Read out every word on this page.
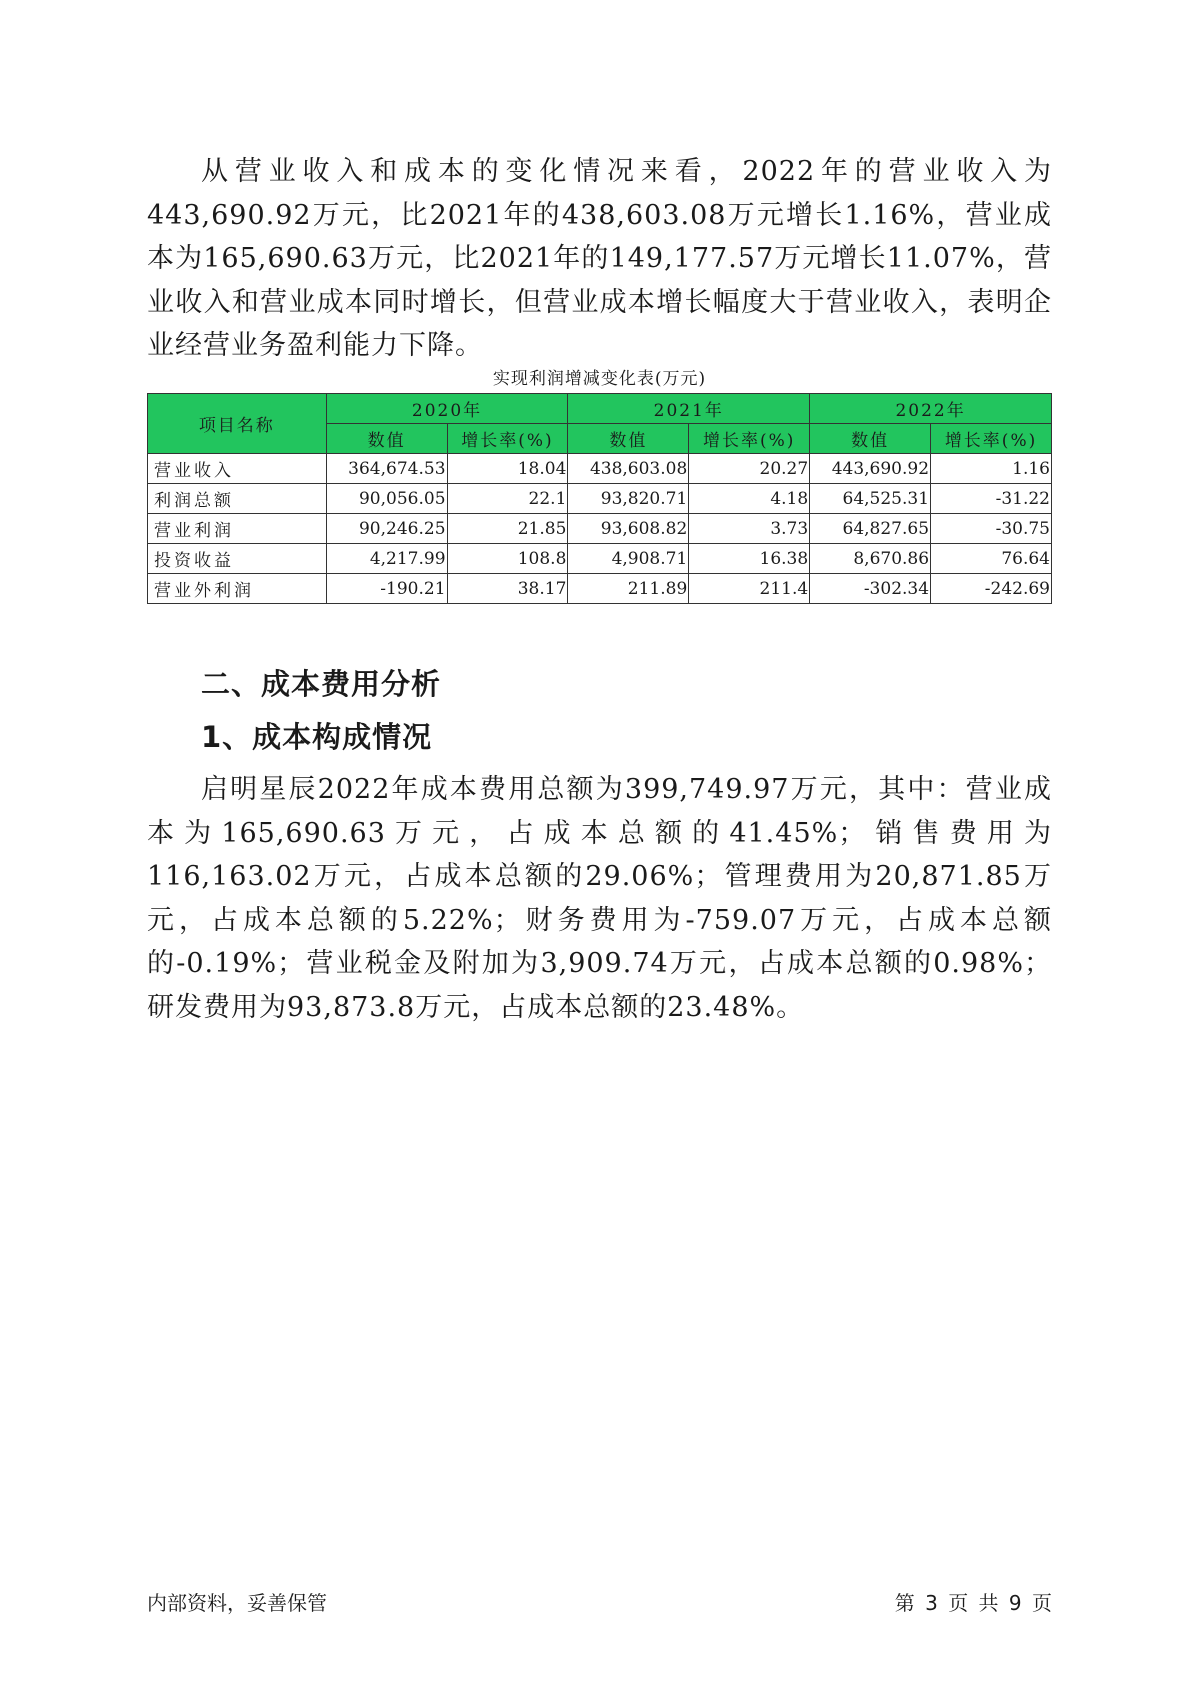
从营业收入和成本的变化情况来看，2022年的营业收入为443,690.92万元，比2021年的438,603.08万元增长1.16%，营业成本为165,690.63万元，比2021年的149,177.57万元增长11.07%，营业收入和营业成本同时增长，但营业成本增长幅度大于营业收入，表明企业经营业务盈利能力下降。

实现利润增减变化表(万元)
项目名称	2020年		2021年		2022年	
	数值	增长率(%)	数值	增长率(%)	数值	增长率(%)
营业收入	364,674.53	18.04	438,603.08	20.27	443,690.92	1.16
利润总额	90,056.05	22.1	93,820.71	4.18	64,525.31	-31.22
营业利润	90,246.25	21.85	93,608.82	3.73	64,827.65	-30.75
投资收益	4,217.99	108.8	4,908.71	16.38	8,670.86	76.64
营业外利润	-190.21	38.17	211.89	211.4	-302.34	-242.69
二、成本费用分析
1、成本构成情况

启明星辰2022年成本费用总额为399,749.97万元，其中：营业成本为165,690.63万元，占成本总额的41.45%；销售费用为116,163.02万元，占成本总额的29.06%；管理费用为20,871.85万元，占成本总额的5.22%；财务费用为-759.07万元，占成本总额的-0.19%；营业税金及附加为3,909.74万元，占成本总额的0.98%；研发费用为93,873.8万元，占成本总额的23.48%。

内部资料，妥善保管	第 3 页 共 9 页
